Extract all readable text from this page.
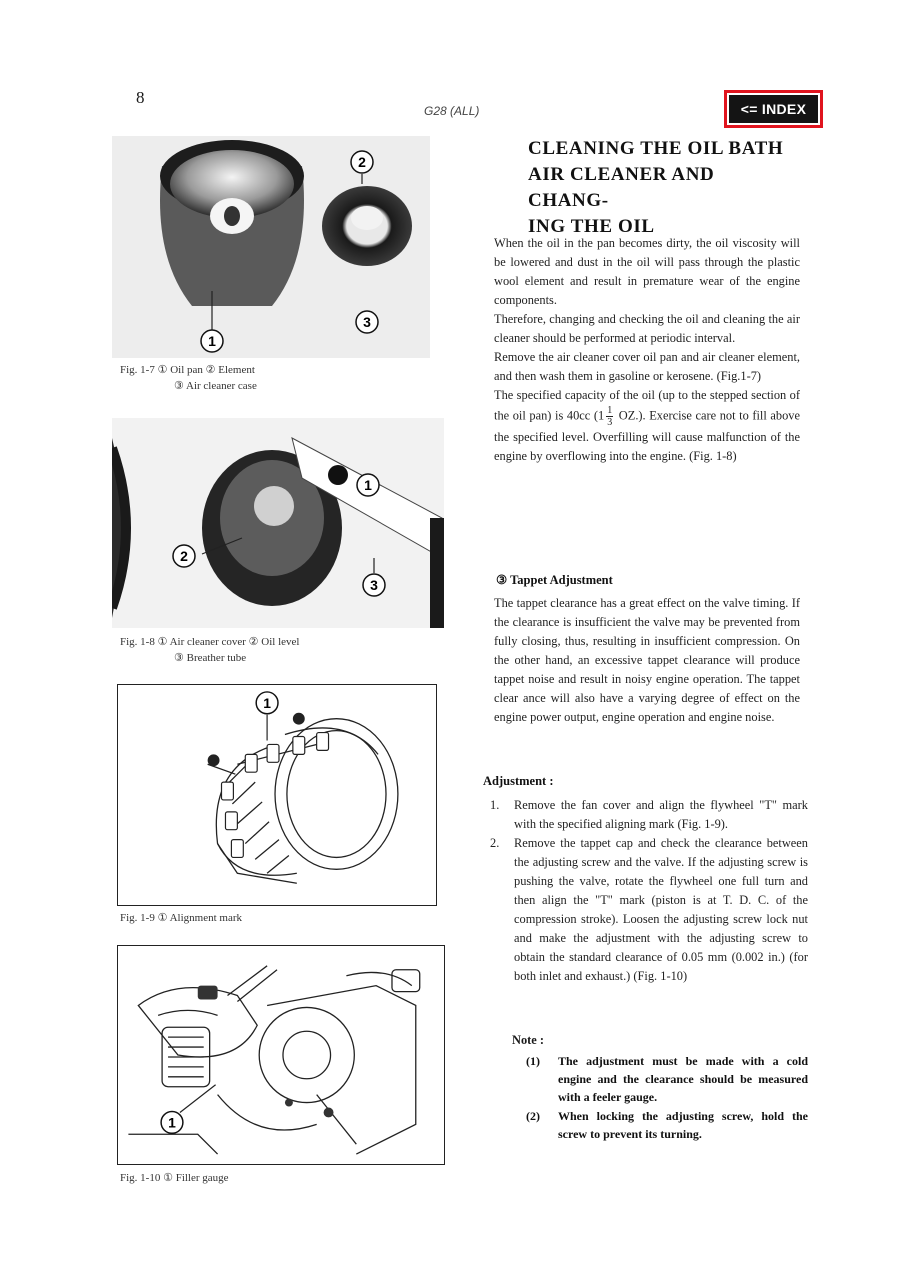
8
G28 (ALL)	<= INDEX
1
2
3
Fig. 1-7 ① Oil pan ② Element
③ Air cleaner case
1
2
3
Fig. 1-8 ① Air cleaner cover ② Oil level
③ Breather tube
1
Fig. 1-9 ① Alignment mark
1
Fig. 1-10 ① Filler gauge
CLEANING THE OIL BATH
AIR CLEANER AND CHANG-
ING THE OIL

When the oil in the pan becomes dirty, the oil viscosity will be lowered and dust in the oil will pass through the plastic wool element and result in premature wear of the engine components.

Therefore, changing and checking the oil and cleaning the air cleaner should be performed at periodic interval.

Remove the air cleaner cover oil pan and air cleaner element, and then wash them in gasoline or kerosene. (Fig.1-7)

The specified capacity of the oil (up to the stepped section of the oil pan) is 40cc $(1 \frac{1}{3} OZ.)$. Exercise care not to fill above the specified level. Overfilling will cause malfunction of the engine by overflowing into the engine. (Fig. 1-8)

③ Tappet Adjustment
The tappet clearance has a great effect on the valve timing. If the clearance is insufficient the valve may be prevented from fully closing, thus, resulting in insufficient compression. On the other hand, an excessive tappet clearance will produce tappet noise and result in noisy engine operation. The tappet clear ance will also have a varying degree of effect on the engine power output, engine operation and engine noise.
Adjustment :
1. Remove the fan cover and align the flywheel "T" mark with the specified aligning mark (Fig. 1-9).
2. Remove the tappet cap and check the clearance between the adjusting screw and the valve. If the adjusting screw is pushing the valve, rotate the flywheel one full turn and then align the "T" mark (piston is at T. D. C. of the compression stroke). Loosen the adjusting screw lock nut and make the adjustment with the adjusting screw to obtain the standard clearance of 0.05 mm (0.002 in.) (for both inlet and exhaust.) (Fig. 1-10)
Note :
(1) The adjustment must be made with a cold engine and the clearance should be measured with a feeler gauge.
(2) When locking the adjusting screw, hold the screw to prevent its turning.
